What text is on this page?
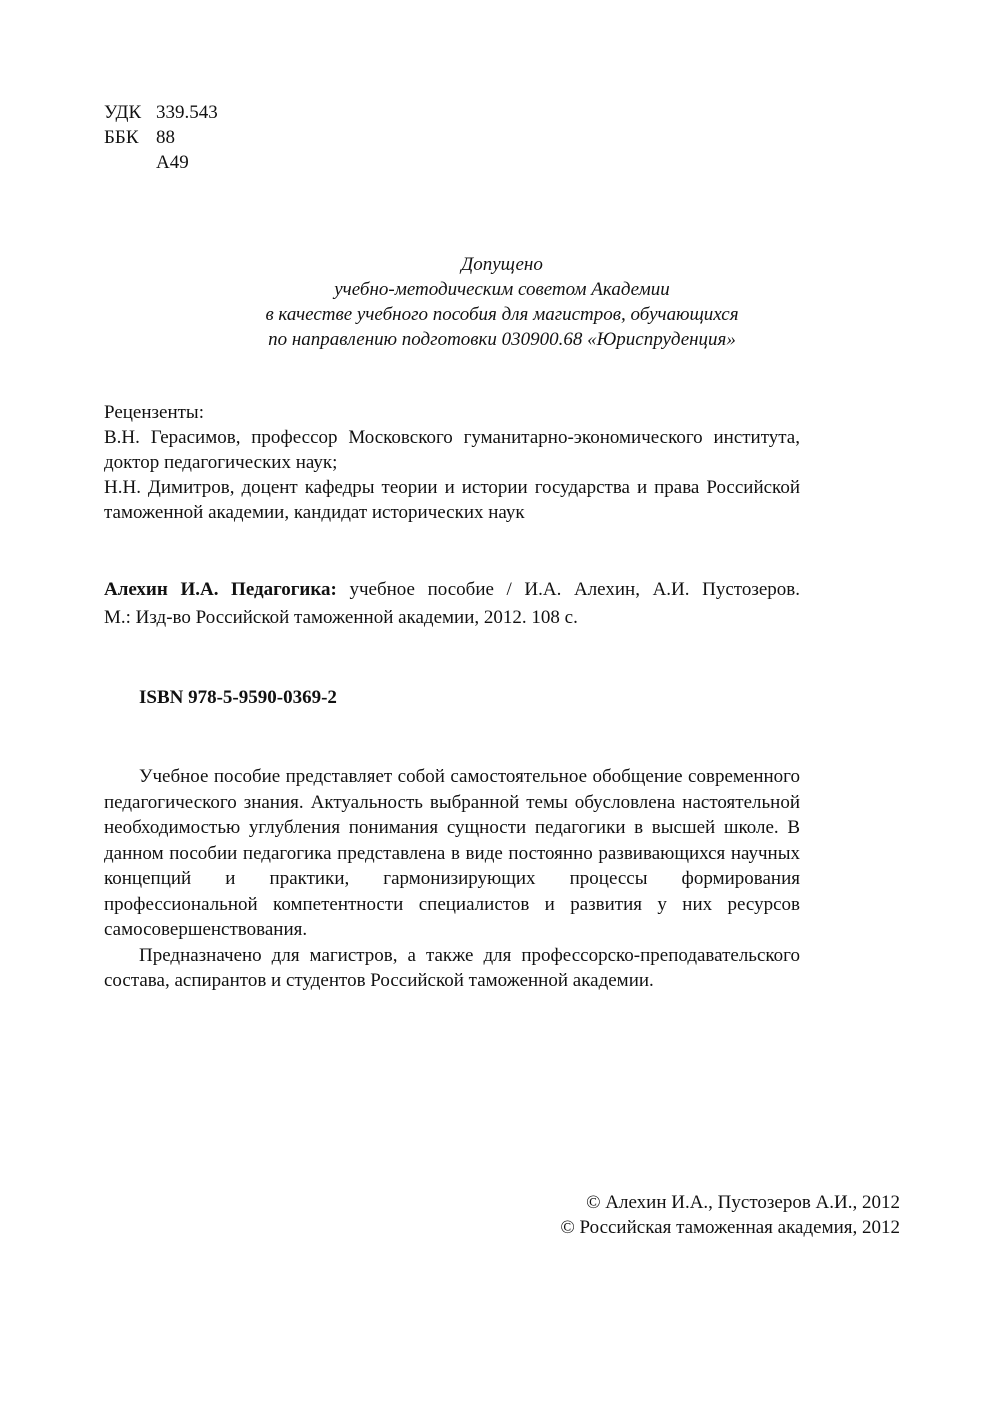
УДК 339.543
ББК 88
А49
Допущено
учебно-методическим советом Академии
в качестве учебного пособия для магистров, обучающихся
по направлению подготовки 030900.68 «Юриспруденция»

Рецензенты:

В.Н. Герасимов, профессор Московского гуманитарно-экономического института, доктор педагогических наук;

Н.Н. Димитров, доцент кафедры теории и истории государства и права Российской таможенной академии, кандидат исторических наук

Алехин И.А. Педагогика: учебное пособие / И.А. Алехин, А.И. Пустозеров.
М.: Изд-во Российской таможенной академии, 2012. 108 с.
ISBN 978-5-9590-0369-2

Учебное пособие представляет собой самостоятельное обобщение современного педагогического знания. Актуальность выбранной темы обусловлена настоятельной необходимостью углубления понимания сущности педагогики в высшей школе. В данном пособии педагогика представлена в виде постоянно развивающихся научных концепций и практики, гармонизирующих процессы формирования профессиональной компетентности специалистов и развития у них ресурсов самосовершенствования.

Предназначено для магистров, а также для профессорско-преподавательского состава, аспирантов и студентов Российской таможенной академии.

© Алехин И.А., Пустозеров А.И., 2012
© Российская таможенная академия, 2012
